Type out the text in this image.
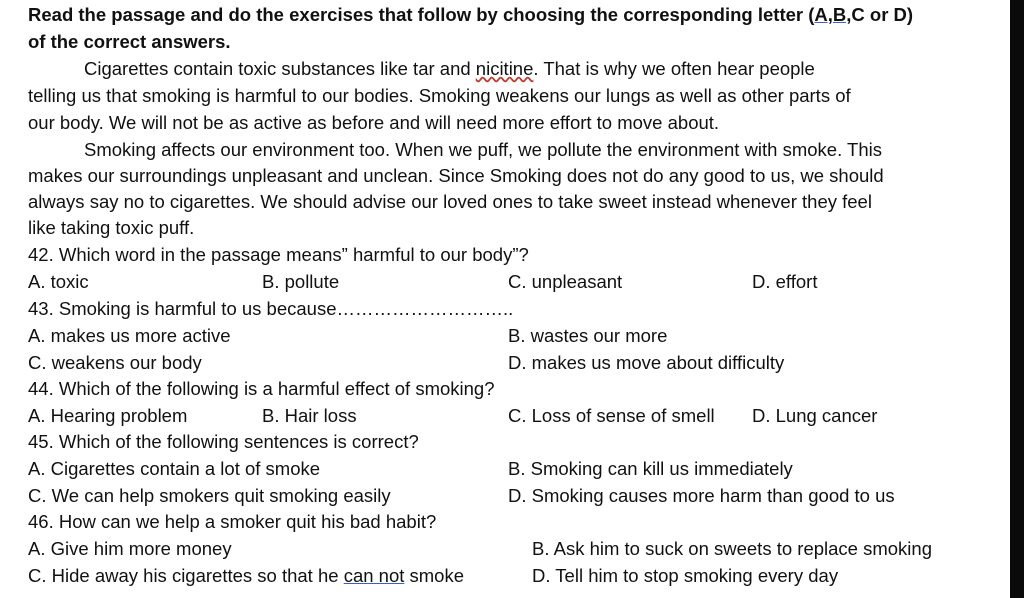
Read the passage and do the exercises that follow by choosing the corresponding letter (A,B,C or D)
of the correct answers.
Cigarettes contain toxic substances like tar and nicitine. That is why we often hear people
telling us that smoking is harmful to our bodies. Smoking weakens our lungs as well as other parts of
our body. We will not be as active as before and will need more effort to move about.
Smoking affects our environment too. When we puff, we pollute the environment with smoke. This
makes our surroundings unpleasant and unclean. Since Smoking does not do any good to us, we should
always say no to cigarettes. We should advise our loved ones to take sweet instead whenever they feel
like taking toxic puff.
42. Which word in the passage means” harmful to our body”?
A. toxic	B. pollute	C. unpleasant	D. effort
43. Smoking is harmful to us because………………………..
A. makes us more active	B. wastes our more
C. weakens our body	D. makes us move about difficulty
44. Which of the following is a harmful effect of smoking?
A. Hearing problem	B. Hair loss	C. Loss of sense of smell D. Lung cancer
45. Which of the following sentences is correct?
A. Cigarettes contain a lot of smoke	B. Smoking can kill us immediately
C. We can help smokers quit smoking easily	D. Smoking causes more harm than good to us
46. How can we help a smoker quit his bad habit?
A. Give him more money	B. Ask him to suck on sweets to replace smoking
C. Hide away his cigarettes so that he can not smoke	D. Tell him to stop smoking every day
